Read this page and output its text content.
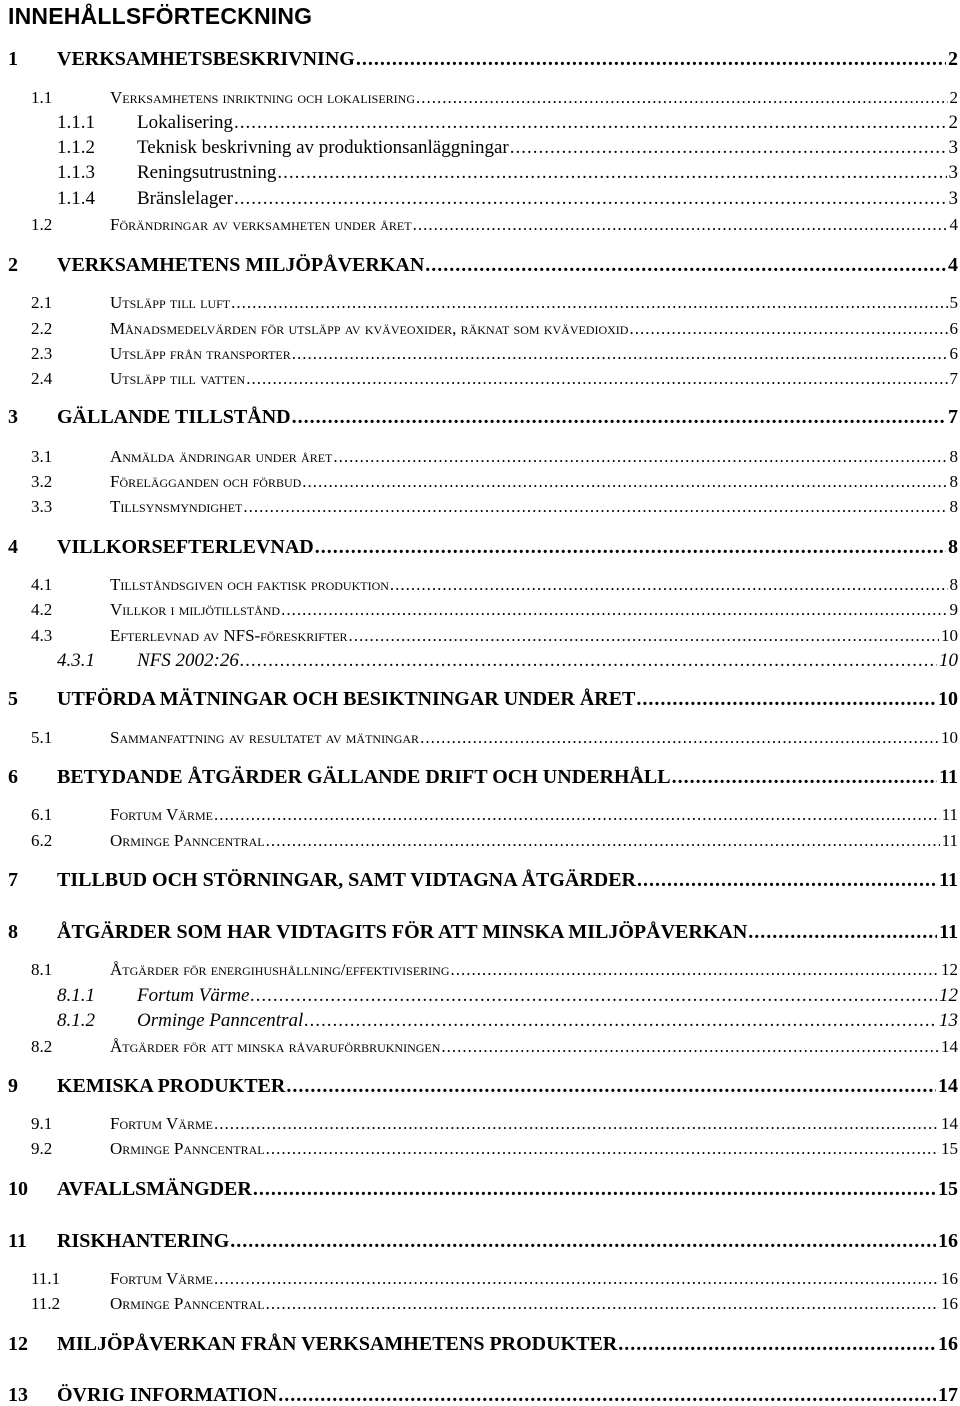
INNEHÅLLSFÖRTECKNING
1	VERKSAMHETSBESKRIVNING .....	2
1.1	Verksamhetens inriktning och lokalisering .....	2
1.1.1	Lokalisering .....	2
1.1.2	Teknisk beskrivning av produktionsanläggningar .....	3
1.1.3	Reningsutrustning .....	3
1.1.4	Bränslelager .....	3
1.2	Förändringar av verksamheten under året .....	4
2	VERKSAMHETENS MILJÖPÅVERKAN .....	4
2.1	Utsläpp till luft .....	5
2.2	Månadsmedelvärden för utsläpp av kväveoxider, räknat som kvävedioxid .....	6
2.3	Utsläpp från transporter .....	6
2.4	Utsläpp till vatten .....	7
3	GÄLLANDE TILLSTÅND .....	7
3.1	Anmälda ändringar under året .....	8
3.2	Förelägganden och förbud .....	8
3.3	Tillsynsmyndighet .....	8
4	VILLKORSEFTERLEVNAD .....	8
4.1	Tillståndsgiven och faktisk produktion .....	8
4.2	Villkor i miljötillstånd .....	9
4.3	Efterlevnad av NFS-föreskrifter .....	10
4.3.1	NFS 2002:26 .....	10
5	UTFÖRDA MÄTNINGAR OCH BESIKTNINGAR UNDER ÅRET .....	10
5.1	Sammanfattning av resultatet av mätningar .....	10
6	BETYDANDE ÅTGÄRDER GÄLLANDE DRIFT OCH UNDERHÅLL .....	11
6.1	Fortum Värme .....	11
6.2	Orminge Panncentral .....	11
7	TILLBUD OCH STÖRNINGAR, SAMT VIDTAGNA ÅTGÄRDER .....	11
8	ÅTGÄRDER SOM HAR VIDTAGITS FÖR ATT MINSKA MILJÖPÅVERKAN .....	11
8.1	Åtgärder för energihushållning/effektivisering .....	12
8.1.1	Fortum Värme .....	12
8.1.2	Orminge Panncentral .....	13
8.2	Åtgärder för att minska råvaruförbrukningen .....	14
9	KEMISKA PRODUKTER .....	14
9.1	Fortum Värme .....	14
9.2	Orminge Panncentral .....	15
10	AVFALLSMÄNGDER .....	15
11	RISKHANTERING .....	16
11.1	Fortum Värme .....	16
11.2	Orminge Panncentral .....	16
12	MILJÖPÅVERKAN FRÅN VERKSAMHETENS PRODUKTER .....	16
13	ÖVRIG INFORMATION .....	17
